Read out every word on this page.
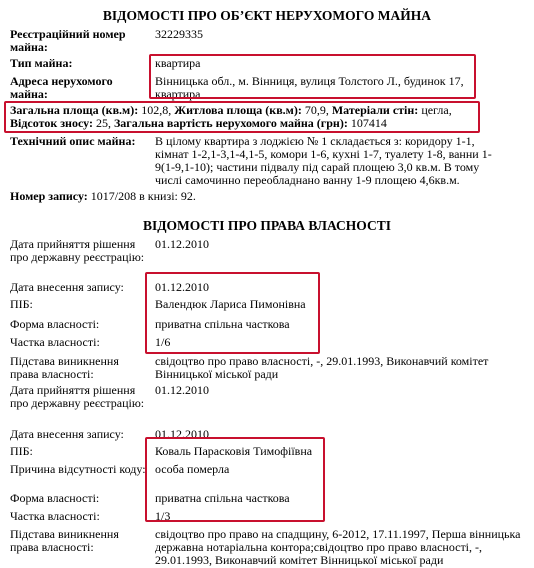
ВІДОМОСТІ ПРО ОБ’ЄКТ НЕРУХОМОГО МАЙНА
Реєстраційний номер майна:
32229335
Тип майна:	квартира
Адреса нерухомого майна:
Вінницька обл., м. Вінниця, вулиця Толстого Л., будинок 17, квартира
Загальна площа (кв.м): 102,8, Житлова площа (кв.м): 70,9, Матеріали стін: цегла,
Відсоток зносу: 25, Загальна вартість нерухомого майна (грн): 107414
Технічний опис майна:	В цілому квартира з лоджією № 1 складається з: коридору 1-1, кімнат 1-2,1-3,1-4,1-5, комори 1-6, кухні 1-7, туалету 1-8, ванни 1-9(1-9,1-10); частини підвалу під сарай площею 3,0 кв.м. В тому числі самочинно переобладнано ванну 1-9 площею 4,6кв.м.
Номер запису: 1017/208 в книзі: 92.
ВІДОМОСТІ ПРО ПРАВА ВЛАСНОСТІ
Дата прийняття рішення про державну реєстрацію:
01.12.2010
Дата внесення запису:	01.12.2010
ПІБ:	Валендюк Лариса Пимонівна
Форма власності:	приватна спільна часткова
Частка власності:	1/6
Підстава виникнення права власності:
свідоцтво про право власності, -, 29.01.1993, Виконавчий комітет Вінницької міської ради
Дата прийняття рішення про державну реєстрацію:
01.12.2010
Дата внесення запису:	01.12.2010
ПІБ:	Коваль Парасковія Тимофіївна
Причина відсутності коду: особа померла
Форма власності:	приватна спільна часткова
Частка власності:	1/3
Підстава виникнення права власності:
свідоцтво про право на спадщину, 6-2012, 17.11.1997, Перша вінницька державна нотаріальна контора;свідоцтво про право власності, -, 29.01.1993, Виконавчий комітет Вінницької міської ради
